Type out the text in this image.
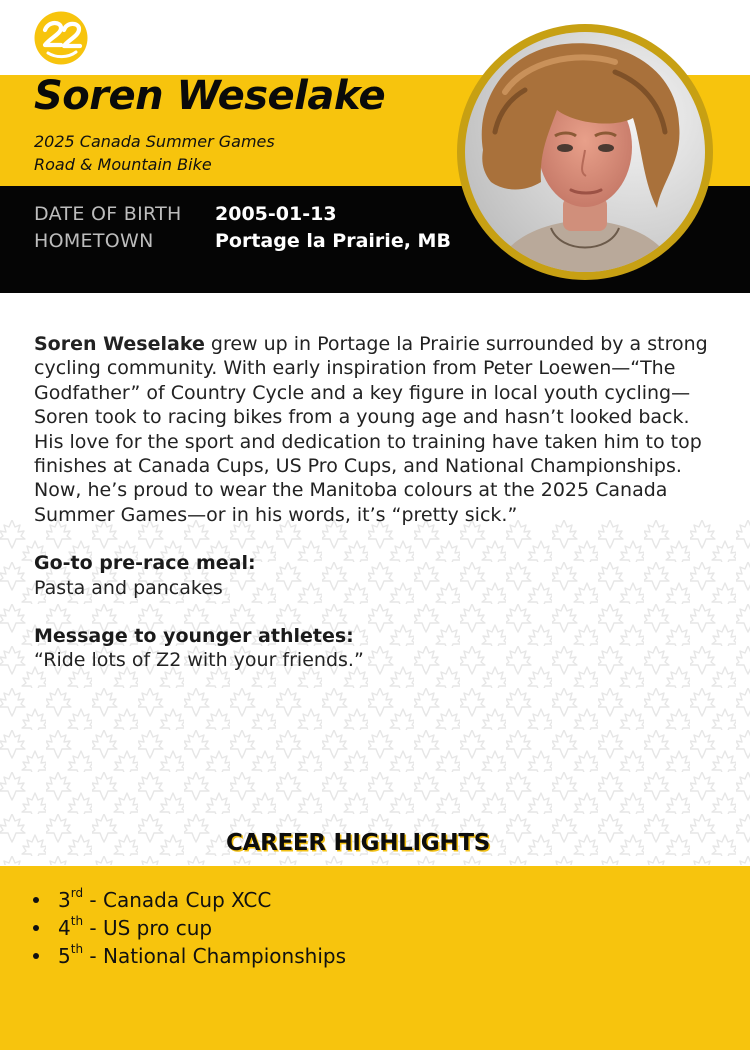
Soren Weselake
2025 Canada Summer Games
Road & Mountain Bike
DATE OF BIRTH 2005-01-13
HOMETOWN	Portage la Prairie, MB

Soren Weselake grew up in Portage la Prairie surrounded by a strong cycling community. With early inspiration from Peter Loewen—“The Godfather” of Country Cycle and a key figure in local youth cycling—Soren took to racing bikes from a young age and hasn’t looked back. His love for the sport and dedication to training have taken him to top finishes at Canada Cups, US Pro Cups, and National Championships. Now, he’s proud to wear the Manitoba colours at the 2025 Canada Summer Games—or in his words, it’s “pretty sick.”

Go-to pre-race meal:
Pasta and pancakes
Message to younger athletes:
“Ride lots of Z2 with your friends.”
CAREER HIGHLIGHTS
3rd - Canada Cup XCC
4th - US pro cup
5th - National Championships
